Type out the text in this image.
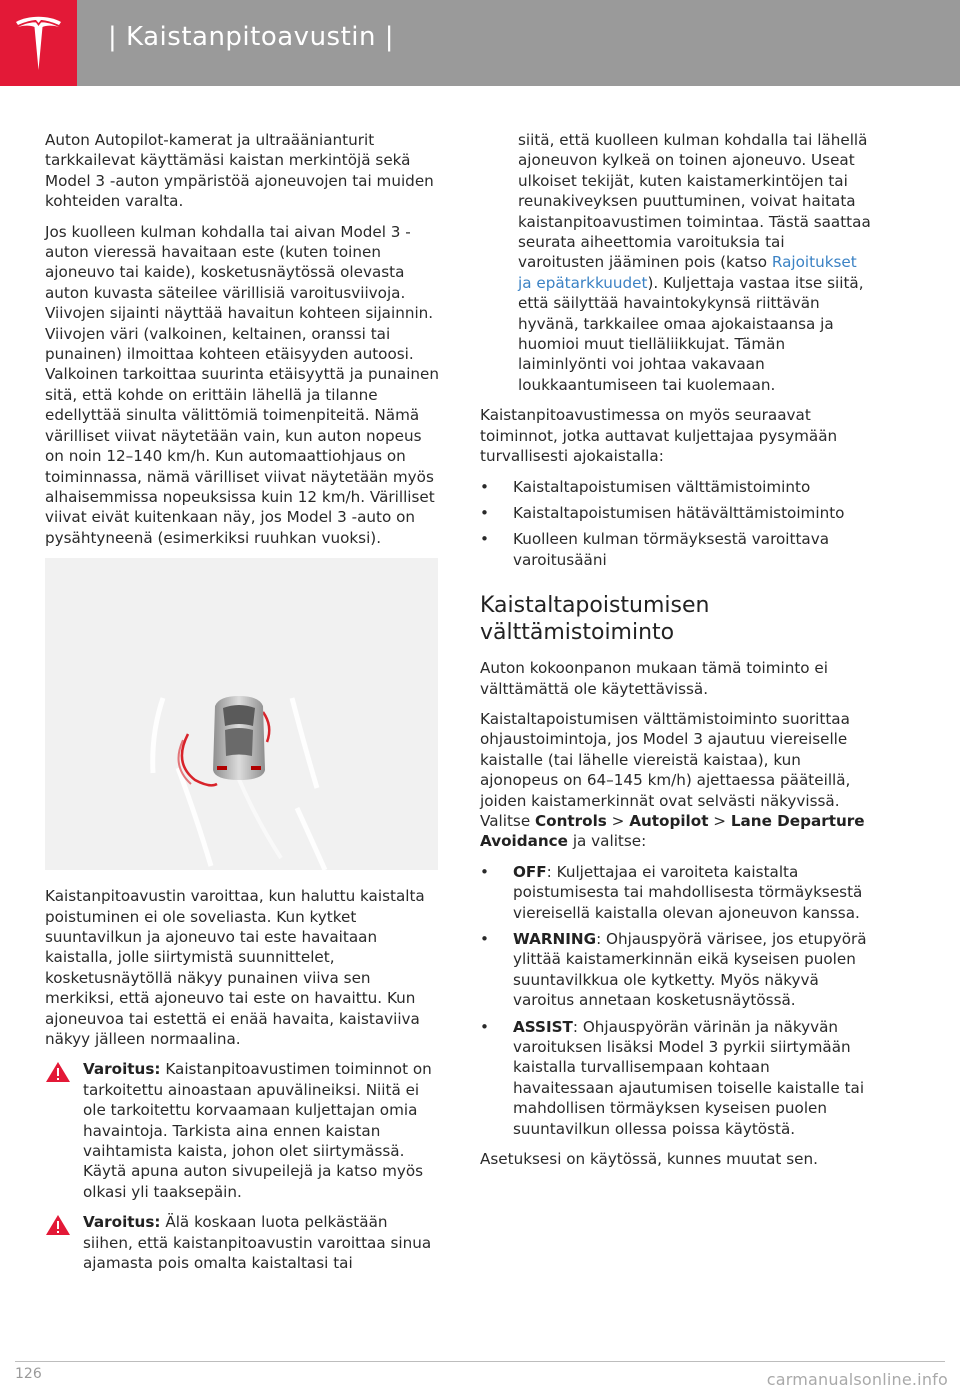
| Kaistanpitoavustin |

Auton Autopilot-kamerat ja ultraäänianturit tarkkailevat käyttämäsi kaistan merkintöjä sekä Model 3 -auton ympäristöä ajoneuvojen tai muiden kohteiden varalta.

Jos kuolleen kulman kohdalla tai aivan Model 3 -auton vieressä havaitaan este (kuten toinen ajoneuvo tai kaide), kosketusnäytössä olevasta auton kuvasta säteilee värillisiä varoitusviivoja. Viivojen sijainti näyttää havaitun kohteen sijainnin. Viivojen väri (valkoinen, keltainen, oranssi tai punainen) ilmoittaa kohteen etäisyyden autoosi. Valkoinen tarkoittaa suurinta etäisyyttä ja punainen sitä, että kohde on erittäin lähellä ja tilanne edellyttää sinulta välittömiä toimenpiteitä. Nämä värilliset viivat näytetään vain, kun auton nopeus on noin 12–140 km/h. Kun automaattiohjaus on toiminnassa, nämä värilliset viivat näytetään myös alhaisemmissa nopeuksissa kuin 12 km/h. Värilliset viivat eivät kuitenkaan näy, jos Model 3 -auto on pysähtyneenä (esimerkiksi ruuhkan vuoksi).

Kaistanpitoavustin varoittaa, kun haluttu kaistalta poistuminen ei ole soveliasta. Kun kytket suuntavilkun ja ajoneuvo tai este havaitaan kaistalla, jolle siirtymistä suunnittelet, kosketusnäytöllä näkyy punainen viiva sen merkiksi, että ajoneuvo tai este on havaittu. Kun ajoneuvoa tai estettä ei enää havaita, kaistaviiva näkyy jälleen normaalina.

Varoitus: Kaistanpitoavustimen toiminnot on tarkoitettu ainoastaan apuvälineiksi. Niitä ei ole tarkoitettu korvaamaan kuljettajan omia havaintoja. Tarkista aina ennen kaistan vaihtamista kaista, johon olet siirtymässä. Käytä apuna auton sivupeilejä ja katso myös olkasi yli taaksepäin.
Varoitus: Älä koskaan luota pelkästään siihen, että kaistanpitoavustin varoittaa sinua ajamasta pois omalta kaistaltasi tai

siitä, että kuolleen kulman kohdalla tai lähellä ajoneuvon kylkeä on toinen ajoneuvo. Useat ulkoiset tekijät, kuten kaistamerkintöjen tai reunakiveyksen puuttuminen, voivat haitata kaistanpitoavustimen toimintaa. Tästä saattaa seurata aiheettomia varoituksia tai varoitusten jääminen pois (katso Rajoitukset ja epätarkkuudet). Kuljettaja vastaa itse siitä, että säilyttää havaintokykynsä riittävän hyvänä, tarkkailee omaa ajokaistaansa ja huomioi muut tielläliikkujat. Tämän laiminlyönti voi johtaa vakavaan loukkaantumiseen tai kuolemaan.

Kaistanpitoavustimessa on myös seuraavat toiminnot, jotka auttavat kuljettajaa pysymään turvallisesti ajokaistalla:

• Kaistaltapoistumisen välttämistoiminto
• Kaistaltapoistumisen hätävälttämistoiminto
• Kuolleen kulman törmäyksestä varoittava varoitusääni
Kaistaltapoistumisen välttämistoiminto

Auton kokoonpanon mukaan tämä toiminto ei välttämättä ole käytettävissä.

Kaistaltapoistumisen välttämistoiminto suorittaa ohjaustoimintoja, jos Model 3 ajautuu viereiselle kaistalle (tai lähelle viereistä kaistaa), kun ajonopeus on 64–145 km/h) ajettaessa pääteillä, joiden kaistamerkinnät ovat selvästi näkyvissä. Valitse Controls > Autopilot > Lane Departure Avoidance ja valitse:

• OFF: Kuljettajaa ei varoiteta kaistalta poistumisesta tai mahdollisesta törmäyksestä viereisellä kaistalla olevan ajoneuvon kanssa.
• WARNING: Ohjauspyörä värisee, jos etupyörä ylittää kaistamerkinnän eikä kyseisen puolen suuntavilkkua ole kytketty. Myös näkyvä varoitus annetaan kosketusnäytössä.
• ASSIST: Ohjauspyörän värinän ja näkyvän varoituksen lisäksi Model 3 pyrkii siirtymään kaistalla turvallisempaan kohtaan havaitessaan ajautumisen toiselle kaistalle tai mahdollisen törmäyksen kyseisen puolen suuntavilkun ollessa poissa käytöstä.

Asetuksesi on käytössä, kunnes muutat sen.

126	carmanualsonline.info
